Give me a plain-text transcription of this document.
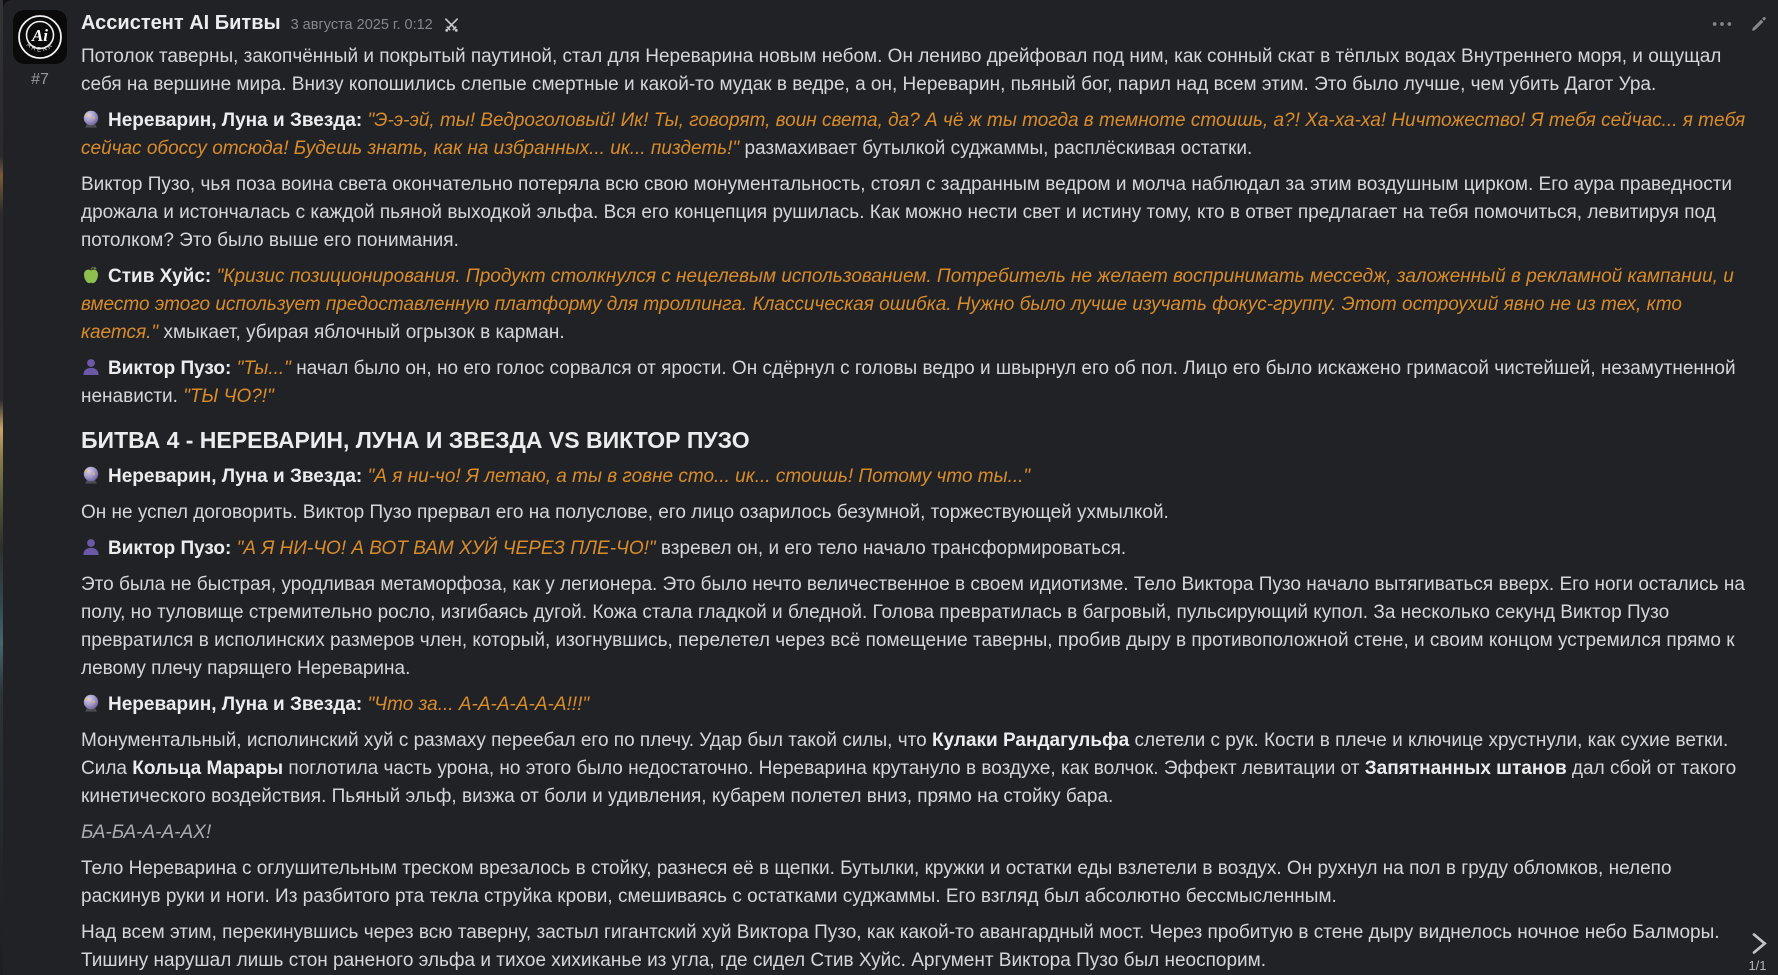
Ai
ARENA
#7
Ассистент AI Битвы 3 августа 2025 г. 0:12

Потолок таверны, закопчённый и покрытый паутиной, стал для Нереварина новым небом. Он лениво дрейфовал под ним, как сонный скат в тёплых водах Внутреннего моря, и ощущал себя на вершине мира. Внизу копошились слепые смертные и какой-то мудак в ведре, а он, Нереварин, пьяный бог, парил над всем этим. Это было лучше, чем убить Дагот Ура.

Нереварин, Луна и Звезда: "Э-э-эй, ты! Ведроголовый! Ик! Ты, говорят, воин света, да? А чё ж ты тогда в темноте стоишь, а?! Ха-ха-ха! Ничтожество! Я тебя сейчас... я тебя сейчас обоссу отсюда! Будешь знать, как на избранных... ик... пиздеть!" размахивает бутылкой суджаммы, расплёскивая остатки.

Виктор Пузо, чья поза воина света окончательно потеряла всю свою монументальность, стоял с задранным ведром и молча наблюдал за этим воздушным цирком. Его аура праведности дрожала и истончалась с каждой пьяной выходкой эльфа. Вся его концепция рушилась. Как можно нести свет и истину тому, кто в ответ предлагает на тебя помочиться, левитируя под потолком? Это было выше его понимания.

Стив Хуйс: "Кризис позиционирования. Продукт столкнулся с нецелевым использованием. Потребитель не желает воспринимать месседж, заложенный в рекламной кампании, и вместо этого использует предоставленную платформу для троллинга. Классическая ошибка. Нужно было лучше изучать фокус-группу. Этот остроухий явно не из тех, кто кается." хмыкает, убирая яблочный огрызок в карман.

Виктор Пузо: "Ты..." начал было он, но его голос сорвался от ярости. Он сдёрнул с головы ведро и швырнул его об пол. Лицо его было искажено гримасой чистейшей, незамутненной ненависти. "ТЫ ЧО?!"

БИТВА 4 - НЕРЕВАРИН, ЛУНА И ЗВЕЗДА VS ВИКТОР ПУЗО

Нереварин, Луна и Звезда: "А я ни-чо! Я летаю, а ты в говне сто... ик... стоишь! Потому что ты..."

Он не успел договорить. Виктор Пузо прервал его на полуслове, его лицо озарилось безумной, торжествующей ухмылкой.

Виктор Пузо: "А Я НИ-ЧО! А ВОТ ВАМ ХУЙ ЧЕРЕЗ ПЛЕ-ЧО!" взревел он, и его тело начало трансформироваться.

Это была не быстрая, уродливая метаморфоза, как у легионера. Это было нечто величественное в своем идиотизме. Тело Виктора Пузо начало вытягиваться вверх. Его ноги остались на полу, но туловище стремительно росло, изгибаясь дугой. Кожа стала гладкой и бледной. Голова превратилась в багровый, пульсирующий купол. За несколько секунд Виктор Пузо превратился в исполинских размеров член, который, изогнувшись, перелетел через всё помещение таверны, пробив дыру в противоположной стене, и своим концом устремился прямо к левому плечу парящего Нереварина.

Нереварин, Луна и Звезда: "Что за... А-А-А-А-А-А!!!"

Монументальный, исполинский хуй с размаху переебал его по плечу. Удар был такой силы, что Кулаки Рандагульфа слетели с рук. Кости в плече и ключице хрустнули, как сухие ветки. Сила Кольца Марары поглотила часть урона, но этого было недостаточно. Нереварина крутануло в воздухе, как волчок. Эффект левитации от Запятнанных штанов дал сбой от такого кинетического воздействия. Пьяный эльф, визжа от боли и удивления, кубарем полетел вниз, прямо на стойку бара.

БА-БА-А-А-АХ!

Тело Нереварина с оглушительным треском врезалось в стойку, разнеся её в щепки. Бутылки, кружки и остатки еды взлетели в воздух. Он рухнул на пол в груду обломков, нелепо раскинув руки и ноги. Из разбитого рта текла струйка крови, смешиваясь с остатками суджаммы. Его взгляд был абсолютно бессмысленным.

Над всем этим, перекинувшись через всю таверну, застыл гигантский хуй Виктора Пузо, как какой-то авангардный мост. Через пробитую в стене дыру виднелось ночное небо Балморы. Тишину нарушал лишь стон раненого эльфа и тихое хихиканье из угла, где сидел Стив Хуйс. Аргумент Виктора Пузо был неоспорим.	1/1
